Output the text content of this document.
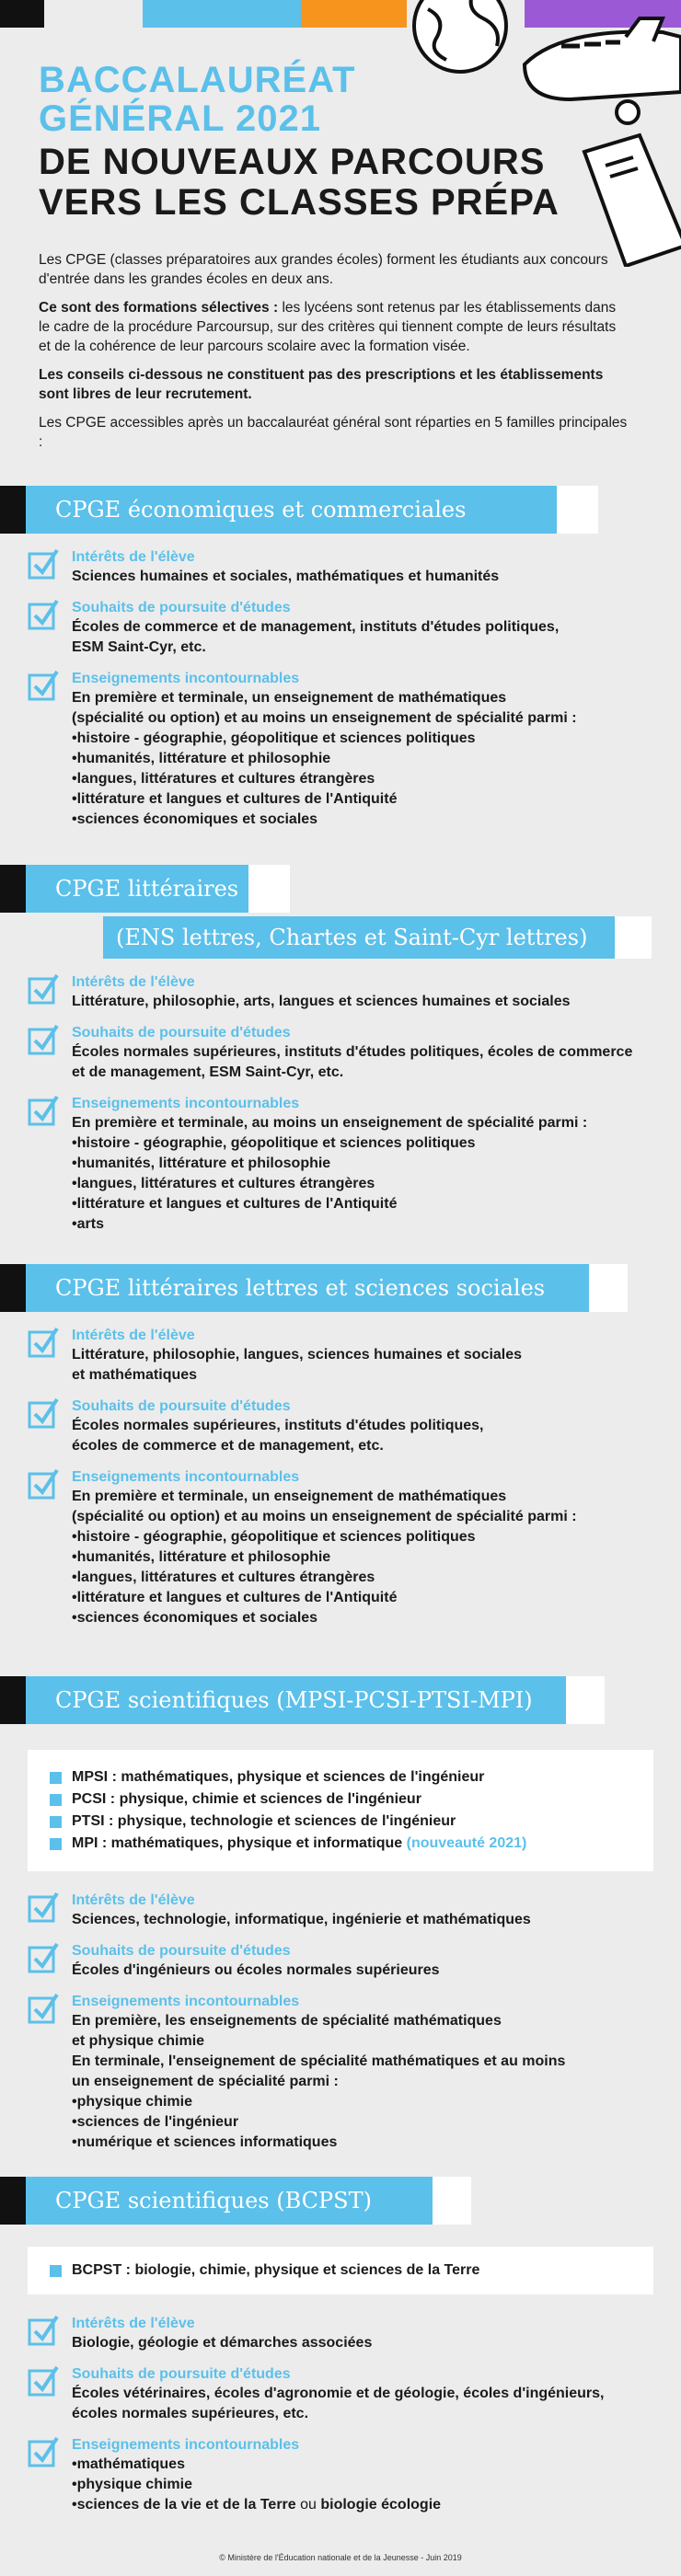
BACCALAURÉAT
GÉNÉRAL 2021
DE NOUVEAUX PARCOURS
VERS LES CLASSES PRÉPA

Les CPGE (classes préparatoires aux grandes écoles) forment les étudiants aux concours d'entrée dans les grandes écoles en deux ans.

Ce sont des formations sélectives : les lycéens sont retenus par les établissements dans le cadre de la procédure Parcoursup, sur des critères qui tiennent compte de leurs résultats et de la cohérence de leur parcours scolaire avec la formation visée.

Les conseils ci-dessous ne constituent pas des prescriptions et les établissements sont libres de leur recrutement.

Les CPGE accessibles après un baccalauréat général sont réparties en 5 familles principales :

CPGE économiques et commerciales
Intérêts de l'élève
Sciences humaines et sociales, mathématiques et humanités
Souhaits de poursuite d'études
Écoles de commerce et de management, instituts d'études politiques,
ESM Saint-Cyr, etc.
Enseignements incontournables
En première et terminale, un enseignement de mathématiques
(spécialité ou option) et au moins un enseignement de spécialité parmi :
• histoire - géographie, géopolitique et sciences politiques
• humanités, littérature et philosophie
• langues, littératures et cultures étrangères
• littérature et langues et cultures de l'Antiquité
• sciences économiques et sociales
CPGE littéraires
(ENS lettres, Chartes et Saint-Cyr lettres)
Intérêts de l'élève
Littérature, philosophie, arts, langues et sciences humaines et sociales
Souhaits de poursuite d'études
Écoles normales supérieures, instituts d'études politiques, écoles de commerce
et de management, ESM Saint-Cyr, etc.
Enseignements incontournables
En première et terminale, au moins un enseignement de spécialité parmi :
• histoire - géographie, géopolitique et sciences politiques
• humanités, littérature et philosophie
• langues, littératures et cultures étrangères
• littérature et langues et cultures de l'Antiquité
• arts
CPGE littéraires lettres et sciences sociales
Intérêts de l'élève
Littérature, philosophie, langues, sciences humaines et sociales
et mathématiques
Souhaits de poursuite d'études
Écoles normales supérieures, instituts d'études politiques,
écoles de commerce et de management, etc.
Enseignements incontournables
En première et terminale, un enseignement de mathématiques
(spécialité ou option) et au moins un enseignement de spécialité parmi :
• histoire - géographie, géopolitique et sciences politiques
• humanités, littérature et philosophie
• langues, littératures et cultures étrangères
• littérature et langues et cultures de l'Antiquité
• sciences économiques et sociales
CPGE scientifiques (MPSI-PCSI-PTSI-MPI)
MPSI : mathématiques, physique et sciences de l'ingénieur
PCSI : physique, chimie et sciences de l'ingénieur
PTSI : physique, technologie et sciences de l'ingénieur
MPI : mathématiques, physique et informatique (nouveauté 2021)
Intérêts de l'élève
Sciences, technologie, informatique, ingénierie et mathématiques
Souhaits de poursuite d'études
Écoles d'ingénieurs ou écoles normales supérieures
Enseignements incontournables
En première, les enseignements de spécialité mathématiques
et physique chimie
En terminale, l'enseignement de spécialité mathématiques et au moins
un enseignement de spécialité parmi :
• physique chimie
• sciences de l'ingénieur
• numérique et sciences informatiques
CPGE scientifiques (BCPST)
BCPST : biologie, chimie, physique et sciences de la Terre
Intérêts de l'élève
Biologie, géologie et démarches associées
Souhaits de poursuite d'études
Écoles vétérinaires, écoles d'agronomie et de géologie, écoles d'ingénieurs,
écoles normales supérieures, etc.
Enseignements incontournables
• mathématiques
• physique chimie
• sciences de la vie et de la Terre ou biologie écologie
© Ministère de l'Éducation nationale et de la Jeunesse - Juin 2019
